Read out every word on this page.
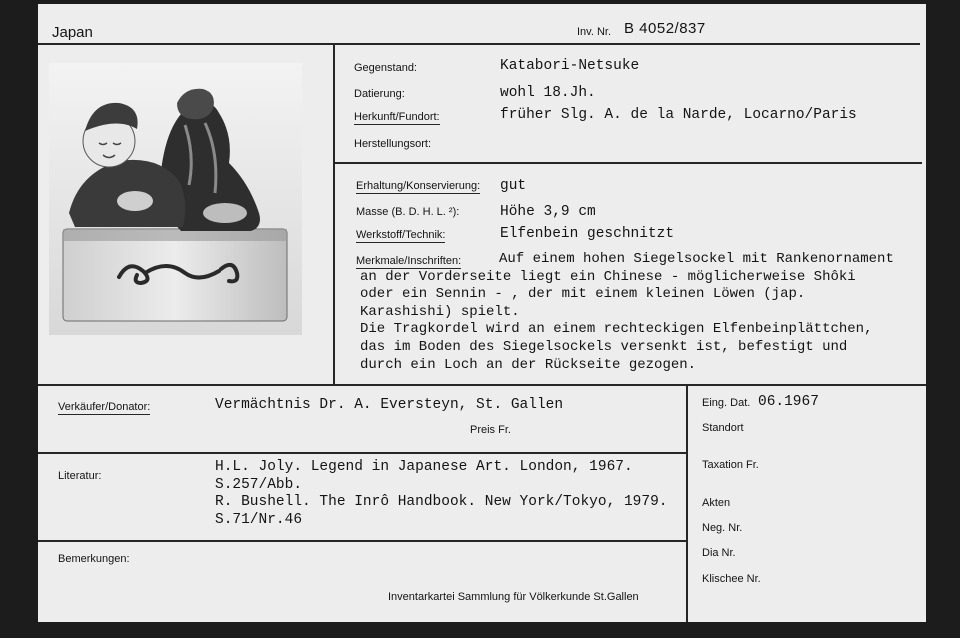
Japan	Inv. Nr. B 4052/837
Gegenstand:	Katabori-Netsuke
Datierung:	wohl 18.Jh.
Herkunft/Fundort:	früher Slg. A. de la Narde, Locarno/Paris
Herstellungsort:
Erhaltung/Konservierung: gut
Masse (B. D. H. L. ²):	Höhe 3,9 cm
Werkstoff/Technik:	Elfenbein geschnitzt
Merkmale/Inschriften:	Auf einem hohen Siegelsockel mit Rankenornament
an der Vorderseite liegt ein Chinese - möglicherweise Shôki
oder ein Sennin - , der mit einem kleinen Löwen (jap.
Karashishi) spielt.
Die Tragkordel wird an einem rechteckigen Elfenbeinplättchen,
das im Boden des Siegelsockels versenkt ist, befestigt und
durch ein Loch an der Rückseite gezogen.
Verkäufer/Donator:	Vermächtnis Dr. A. Eversteyn, St. Gallen
Preis Fr.
Literatur:
H.L. Joly. Legend in Japanese Art. London, 1967.
S.257/Abb.
R. Bushell. The Inrô Handbook. New York/Tokyo, 1979.
S.71/Nr.46
Bemerkungen:
Inventarkartei Sammlung für Völkerkunde St.Gallen
Eing. Dat. 06.1967
Standort
Taxation Fr.
Akten
Neg. Nr.
Dia Nr.
Klischee Nr.
